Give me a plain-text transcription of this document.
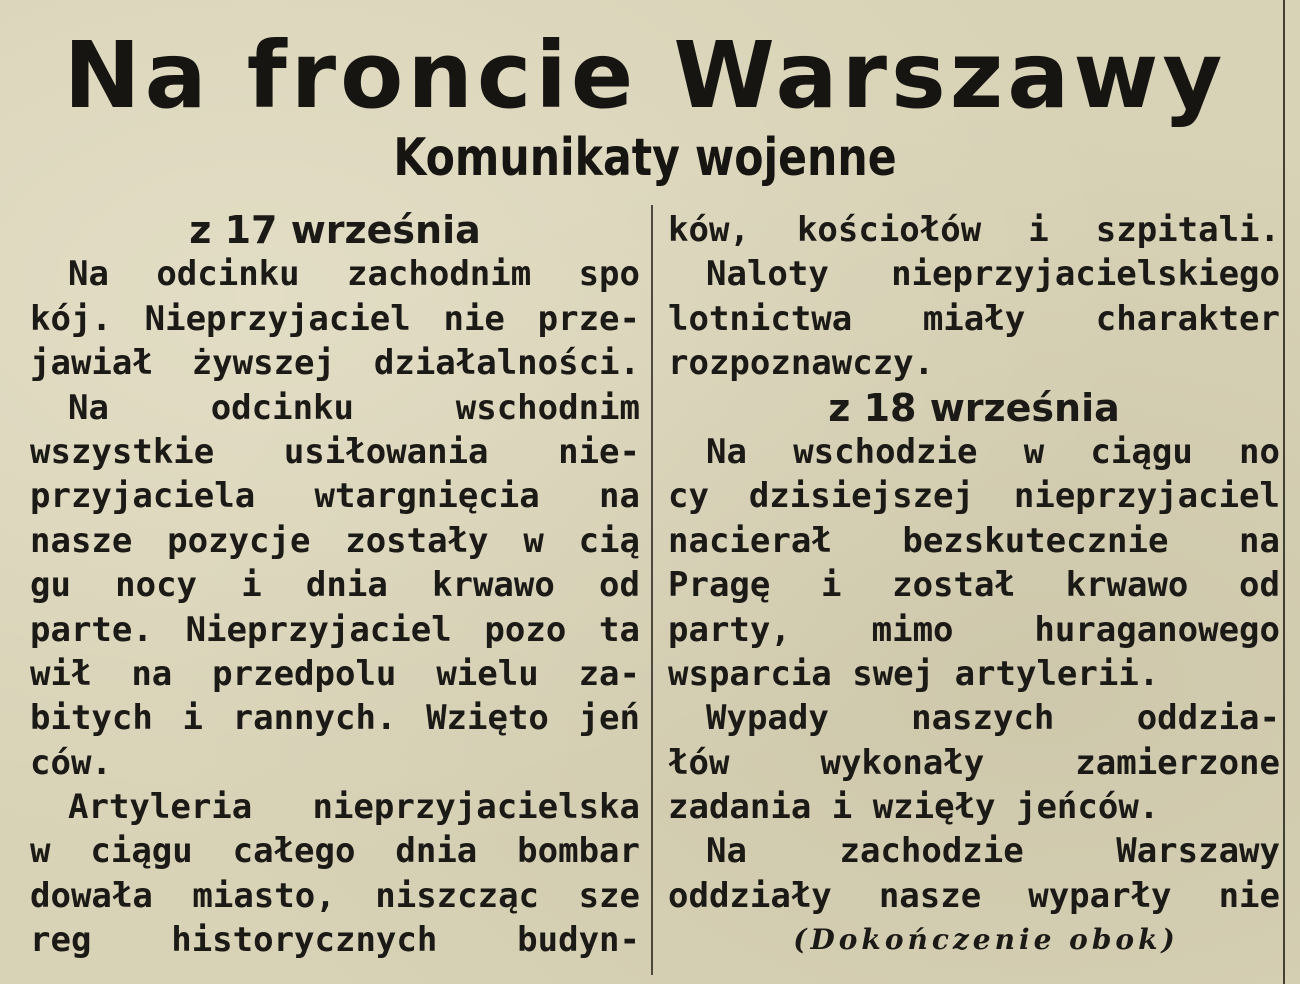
Na froncie Warszawy
Komunikaty wojenne
z 17 września
Na odcinku zachodnim spo
kój. Nieprzyjaciel nie prze-
jawiał żywszej działalności.
Na odcinku wschodnim
wszystkie usiłowania nie-
przyjaciela wtargnięcia na
nasze pozycje zostały w cią
gu nocy i dnia krwawo od
parte. Nieprzyjaciel pozo ta
wił na przedpolu wielu za-
bitych i rannych. Wzięto jeń
ców.
Artyleria nieprzyjacielska
w ciągu całego dnia bombar
dowała miasto, niszcząc sze
reg historycznych budyn-
ków, kościołów i szpitali.
Naloty nieprzyjacielskiego
lotnictwa miały charakter
rozpoznawczy.
z 18 września
Na wschodzie w ciągu no
cy dzisiejszej nieprzyjaciel
nacierał bezskutecznie na
Pragę i został krwawo od
party, mimo huraganowego
wsparcia swej artylerii.
Wypady naszych oddzia-
łów wykonały zamierzone
zadania i wzięły jeńców.
Na zachodzie Warszawy
oddziały nasze wyparły nie
(Dokończenie obok)
